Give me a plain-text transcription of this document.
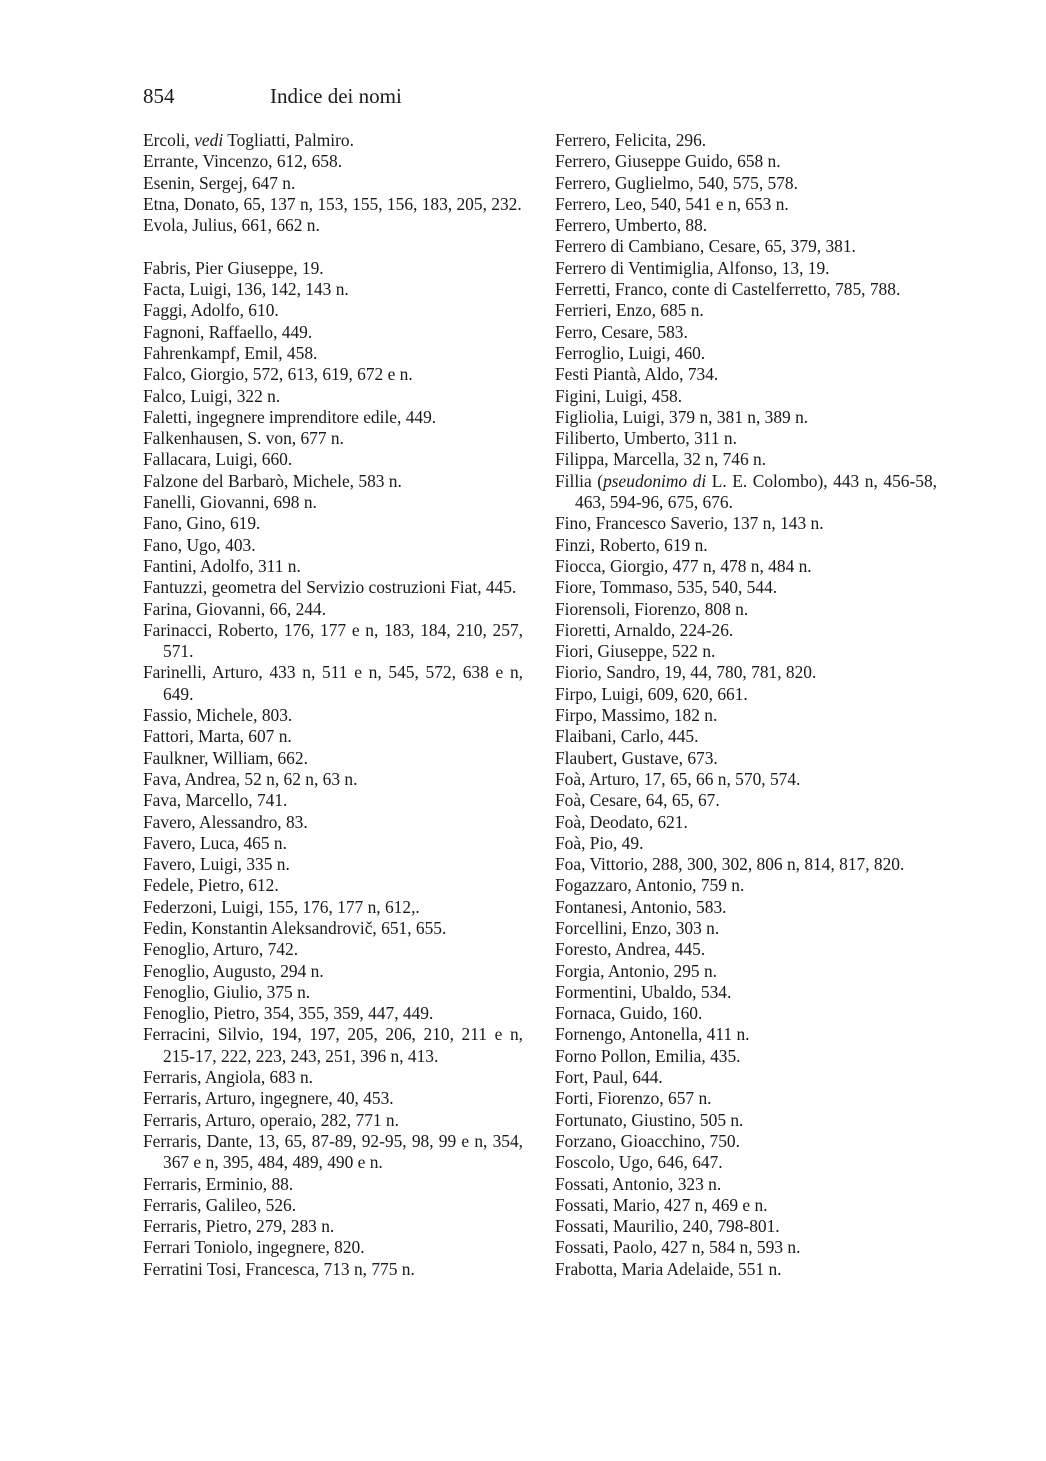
854	Indice dei nomi
Ercoli, vedi Togliatti, Palmiro.
Errante, Vincenzo, 612, 658.
Esenin, Sergej, 647 n.
Etna, Donato, 65, 137 n, 153, 155, 156, 183, 205, 232.
Evola, Julius, 661, 662 n.
Fabris, Pier Giuseppe, 19.
Facta, Luigi, 136, 142, 143 n.
Faggi, Adolfo, 610.
Fagnoni, Raffaello, 449.
Fahrenkampf, Emil, 458.
Falco, Giorgio, 572, 613, 619, 672 e n.
Falco, Luigi, 322 n.
Faletti, ingegnere imprenditore edile, 449.
Falkenhausen, S. von, 677 n.
Fallacara, Luigi, 660.
Falzone del Barbarò, Michele, 583 n.
Fanelli, Giovanni, 698 n.
Fano, Gino, 619.
Fano, Ugo, 403.
Fantini, Adolfo, 311 n.
Fantuzzi, geometra del Servizio costruzioni Fiat, 445.
Farina, Giovanni, 66, 244.
Farinacci, Roberto, 176, 177 e n, 183, 184, 210, 257, 571.
Farinelli, Arturo, 433 n, 511 e n, 545, 572, 638 e n, 649.
Fassio, Michele, 803.
Fattori, Marta, 607 n.
Faulkner, William, 662.
Fava, Andrea, 52 n, 62 n, 63 n.
Fava, Marcello, 741.
Favero, Alessandro, 83.
Favero, Luca, 465 n.
Favero, Luigi, 335 n.
Fedele, Pietro, 612.
Federzoni, Luigi, 155, 176, 177 n, 612,.
Fedin, Konstantin Aleksandrovič, 651, 655.
Fenoglio, Arturo, 742.
Fenoglio, Augusto, 294 n.
Fenoglio, Giulio, 375 n.
Fenoglio, Pietro, 354, 355, 359, 447, 449.
Ferracini, Silvio, 194, 197, 205, 206, 210, 211 e n, 215-17, 222, 223, 243, 251, 396 n, 413.
Ferraris, Angiola, 683 n.
Ferraris, Arturo, ingegnere, 40, 453.
Ferraris, Arturo, operaio, 282, 771 n.
Ferraris, Dante, 13, 65, 87-89, 92-95, 98, 99 e n, 354, 367 e n, 395, 484, 489, 490 e n.
Ferraris, Erminio, 88.
Ferraris, Galileo, 526.
Ferraris, Pietro, 279, 283 n.
Ferrari Toniolo, ingegnere, 820.
Ferratini Tosi, Francesca, 713 n, 775 n.
Ferrero, Felicita, 296.
Ferrero, Giuseppe Guido, 658 n.
Ferrero, Guglielmo, 540, 575, 578.
Ferrero, Leo, 540, 541 e n, 653 n.
Ferrero, Umberto, 88.
Ferrero di Cambiano, Cesare, 65, 379, 381.
Ferrero di Ventimiglia, Alfonso, 13, 19.
Ferretti, Franco, conte di Castelferretto, 785, 788.
Ferrieri, Enzo, 685 n.
Ferro, Cesare, 583.
Ferroglio, Luigi, 460.
Festi Piantà, Aldo, 734.
Figini, Luigi, 458.
Figliolia, Luigi, 379 n, 381 n, 389 n.
Filiberto, Umberto, 311 n.
Filippa, Marcella, 32 n, 746 n.
Fillia (pseudonimo di L. E. Colombo), 443 n, 456-58, 463, 594-96, 675, 676.
Fino, Francesco Saverio, 137 n, 143 n.
Finzi, Roberto, 619 n.
Fiocca, Giorgio, 477 n, 478 n, 484 n.
Fiore, Tommaso, 535, 540, 544.
Fiorensoli, Fiorenzo, 808 n.
Fioretti, Arnaldo, 224-26.
Fiori, Giuseppe, 522 n.
Fiorio, Sandro, 19, 44, 780, 781, 820.
Firpo, Luigi, 609, 620, 661.
Firpo, Massimo, 182 n.
Flaibani, Carlo, 445.
Flaubert, Gustave, 673.
Foà, Arturo, 17, 65, 66 n, 570, 574.
Foà, Cesare, 64, 65, 67.
Foà, Deodato, 621.
Foà, Pio, 49.
Foa, Vittorio, 288, 300, 302, 806 n, 814, 817, 820.
Fogazzaro, Antonio, 759 n.
Fontanesi, Antonio, 583.
Forcellini, Enzo, 303 n.
Foresto, Andrea, 445.
Forgia, Antonio, 295 n.
Formentini, Ubaldo, 534.
Fornaca, Guido, 160.
Fornengo, Antonella, 411 n.
Forno Pollon, Emilia, 435.
Fort, Paul, 644.
Forti, Fiorenzo, 657 n.
Fortunato, Giustino, 505 n.
Forzano, Gioacchino, 750.
Foscolo, Ugo, 646, 647.
Fossati, Antonio, 323 n.
Fossati, Mario, 427 n, 469 e n.
Fossati, Maurilio, 240, 798-801.
Fossati, Paolo, 427 n, 584 n, 593 n.
Frabotta, Maria Adelaide, 551 n.
